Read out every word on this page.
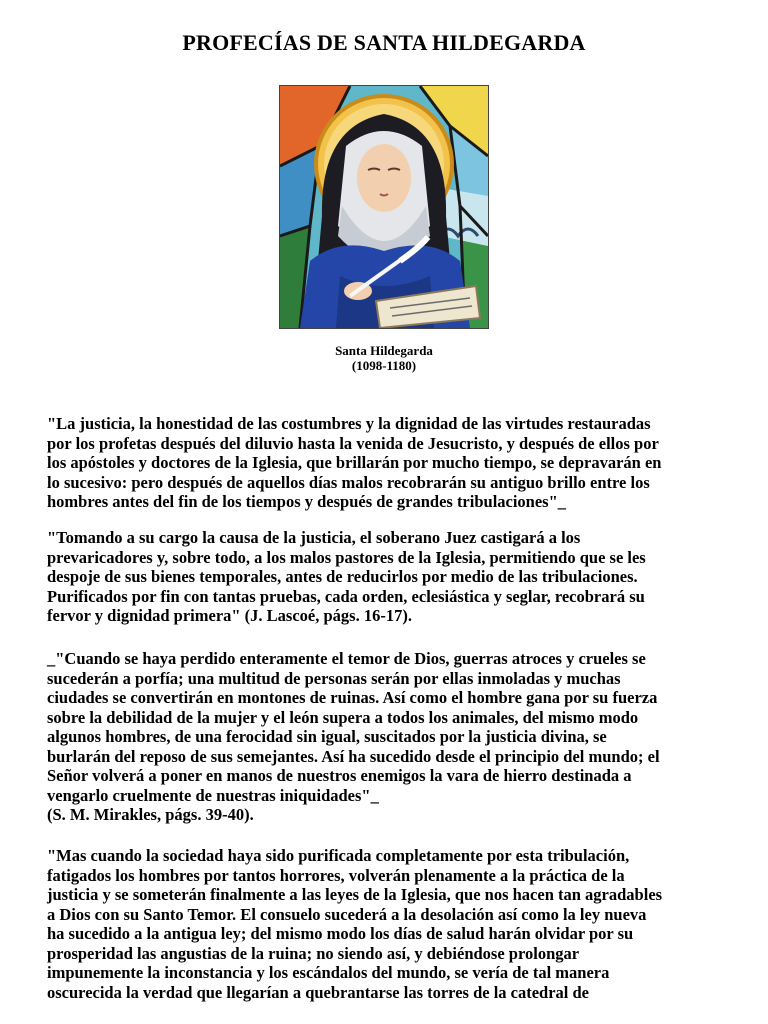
PROFECÍAS DE SANTA HILDEGARDA
Santa Hildegarda
(1098-1180)

"La justicia, la honestidad de las costumbres y la dignidad de las virtudes restauradas
por los profetas después del diluvio hasta la venida de Jesucristo, y después de ellos por
los apóstoles y doctores de la Iglesia, que brillarán por mucho tiempo, se depravarán en
lo sucesivo: pero después de aquellos días malos recobrarán su antiguo brillo entre los
hombres antes del fin de los tiempos y después de grandes tribulaciones"_

"Tomando a su cargo la causa de la justicia, el soberano Juez castigará a los
prevaricadores y, sobre todo, a los malos pastores de la Iglesia, permitiendo que se les
despoje de sus bienes temporales, antes de reducirlos por medio de las tribulaciones.
Purificados por fin con tantas pruebas, cada orden, eclesiástica y seglar, recobrará su
fervor y dignidad primera" (J. Lascoé, págs. 16-17).

_"Cuando se haya perdido enteramente el temor de Dios, guerras atroces y crueles se
sucederán a porfía; una multitud de personas serán por ellas inmoladas y muchas
ciudades se convertirán en montones de ruinas. Así como el hombre gana por su fuerza
sobre la debilidad de la mujer y el león supera a todos los animales, del mismo modo
algunos hombres, de una ferocidad sin igual, suscitados por la justicia divina, se
burlarán del reposo de sus semejantes. Así ha sucedido desde el principio del mundo; el
Señor volverá a poner en manos de nuestros enemigos la vara de hierro destinada a
vengarlo cruelmente de nuestras iniquidades"_
(S. M. Mirakles, págs. 39-40).

"Mas cuando la sociedad haya sido purificada completamente por esta tribulación,
fatigados los hombres por tantos horrores, volverán plenamente a la práctica de la
justicia y se someterán finalmente a las leyes de la Iglesia, que nos hacen tan agradables
a Dios con su Santo Temor. El consuelo sucederá a la desolación así como la ley nueva
ha sucedido a la antigua ley; del mismo modo los días de salud harán olvidar por su
prosperidad las angustias de la ruina; no siendo así, y debiéndose prolongar
impunemente la inconstancia y los escándalos del mundo, se vería de tal manera
oscurecida la verdad que llegarían a quebrantarse las torres de la catedral de
